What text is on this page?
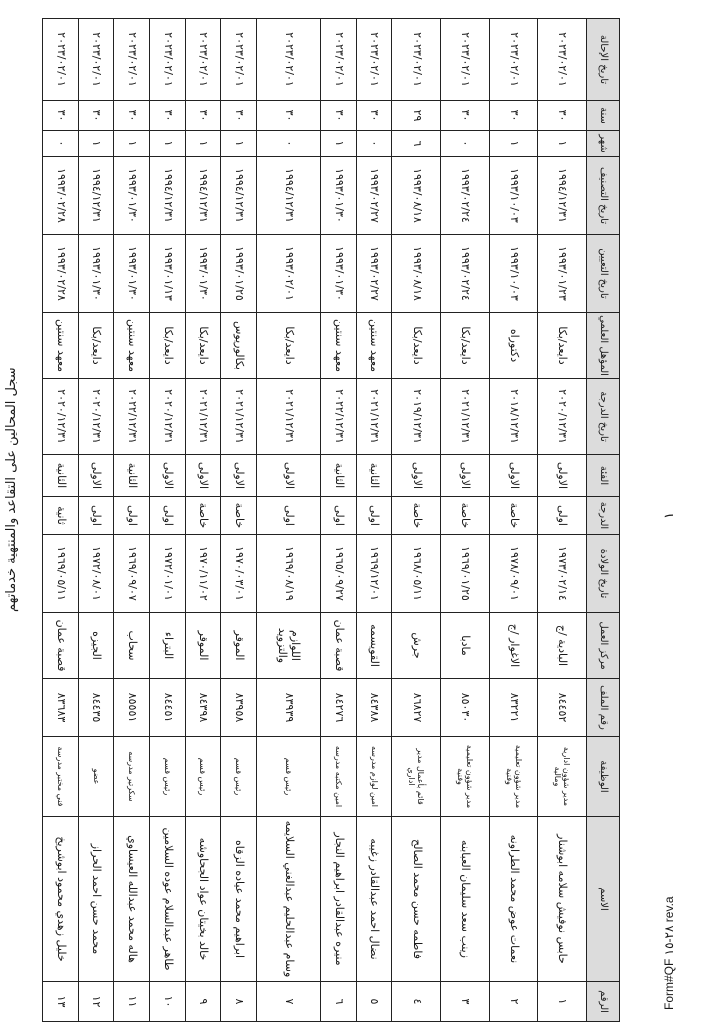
سجل المحالين على التقاعد والمنتهية خدماتهم	١
Form#QF ٢٨-١٥ rev.a
الرقم	الاسم	الوظيفة	رقم الملف	مركز العمل	تاريخ الولادة	الدرجة	الفئة	تاريخ الدرجة	المؤهل العلمي	تاريخ التعيين	تاريخ التصنيف	شهر	سنة	تاريخ الإحالة
١	حابس نوفيش سلامه ابوشنار	مدير شؤون ادارية ومالية	٨٤٤٥٢	البادية /ج	١٩٧٣/٠٢/١٤	اولى	الاولى	٢٠٢٠/١٢/٣١	دايعد/بكا	١٩٩٣/٠١/٢٣	١٩٩٤/١٢/٣١	١	٣٠	٢٠٢٣/٠٢/٠١
٢	نعمات عوض محمد الطراونه	مدير شؤون تعليمية وفنية	٨٣٢٢١	الاغوار /ج	١٩٧٨/٠٩/٠١	خاصة	الاولى	٢٠١٨/١٢/٣١	دكتوراه	١٩٩٣/١٠/٠٣	١٩٩٣/١٠/٠٣	١	٣٠	٢٠٢٣/٠٢/٠١
٣	زينب سعد سليمان العبابنه	مدير شؤون تعليمية وفنية	٨٥٠٣٠	مادبا	١٩٦٩/٠١/٢٥	خاصة	الاولى	٢٠٢١/١٢/٣١	دايعد/بكا	١٩٩٣/٠٢/٢٤	١٩٩٣/٠٢/٢٤	٠	٣٠	٢٠٢٣/٠٢/٠١
٤	فاطمه حسن محمد الصالح	قائم بأعمال مدير اداري	٨٦٨٢٧	جرش	١٩٦٨/٠٥/١١	خاصة	الاولى	٢٠١٩/١٢/٣١	دايعد/بكا	١٩٩٣/٠٨/١٨	١٩٩٣/٠٨/١٨	٦	٢٩	٢٠٢٣/٠٢/٠١
٥	نضال احمد عبدالقادر زغيبه	امين لوازم مدرسه	٨٤٣٨٨	القويسمه	١٩٦٩/١٢/٠١	اولى	الثانية	٢٠٢١/١٢/٣١	معهد سنتين	١٩٩٣/٠٢/٢٧	١٩٩٣/٠٢/٢٧	٠	٣٠	٢٠٢٣/٠٢/٠١
٦	منيره عبدالقادر ابراهيم النجار	امين مكتبه مدرسه	٨٤٢٧٦	قصبة عمان	١٩٦٥/٠٩/٢٧	اولى	الثانية	٢٠٢٢/١٢/٣١	معهد سنتين	١٩٩٣/٠١/٣٠	١٩٩٣/٠١/٣٠	١	٣٠	٢٠٢٣/٠٢/٠١
٧	وسام عبدالحليم عبدالغني السلايمه	رئيس قسم	٨٣٩٣٩	اللوازم والتزويد	١٩٦٩/٠٨/١٩	اولى	الاولى	٢٠٢١/١٢/٣١	دايعد/بكا	١٩٩٣/٠٢/٠١	١٩٩٤/١٢/٣١	٠	٣٠	٢٠٢٣/٠٢/٠١
٨	ابراهيم محمد عياده الزقاه	رئيس قسم	٨٣٩٥٨	الموقر	١٩٧٠/٠٣/٠١	خاصة	الاولى	٢٠٢١/١٢/٣١	بكالوريوس	١٩٩٣/٠١/٢٥	١٩٩٤/١٢/٣١	١	٣٠	٢٠٢٣/٠٢/٠١
٩	خالد بخيتان عواد الجحاوشه	رئيس قسم	٨٤٣٩٨	الموقر	١٩٧٠/١١/٠٢	خاصة	الاولى	٢٠٢١/١٢/٣١	دايعد/بكا	١٩٩٣/٠١/٣٠	١٩٩٤/١٢/٣١	١	٣٠	٢٠٢٣/٠٢/٠١
١٠	طاهر عبدالسلام عوده السلامين	رئيس قسم	٨٤٤٥١	البتراء	١٩٧٢/٠١/٠١	اولى	الاولى	٢٠٢٠/١٢/٣١	دايعد/بكا	١٩٩٣/٠١/١٣	١٩٩٤/١٢/٣١	١	٣٠	٢٠٢٣/٠٢/٠١
١١	هاله محمد عبدالله العيساوي	سكرتير مدرسه	٨٥٥٥١	سحاب	١٩٦٩/٠٩/٠٧	اولى	الثانية	٢٠٢٢/١٢/٣١	معهد سنتين	١٩٩٣/٠١/٣٠	١٩٩٣/٠١/٣٠	١	٣٠	٢٠٢٣/٠٢/٠١
١٢	محمد حسن احمد الحراز	عضو	٨٤٤٣٥	الجيزه	١٩٧٢/٠٨/٠١	اولى	الاولى	٢٠٢٠/١٢/٣١	دايعد/بكا	١٩٩٣/٠١/٣٠	١٩٩٤/١٢/٣١	١	٣٠	٢٠٢٣/٠٢/٠١
١٣	خليل زهدي محمود ابوشريخ	فني مختبر مدرسة	٨٣٦٨٣	قصبة عمان	١٩٦٩/٠٥/١١	ثانية	الثانية	٢٠٢٠/١٢/٣١	معهد سنتين	١٩٩٣/٠٢/٢٨	١٩٩٣/٠٢/٢٨	٠	٣٠	٢٠٢٣/٠٢/٠١
